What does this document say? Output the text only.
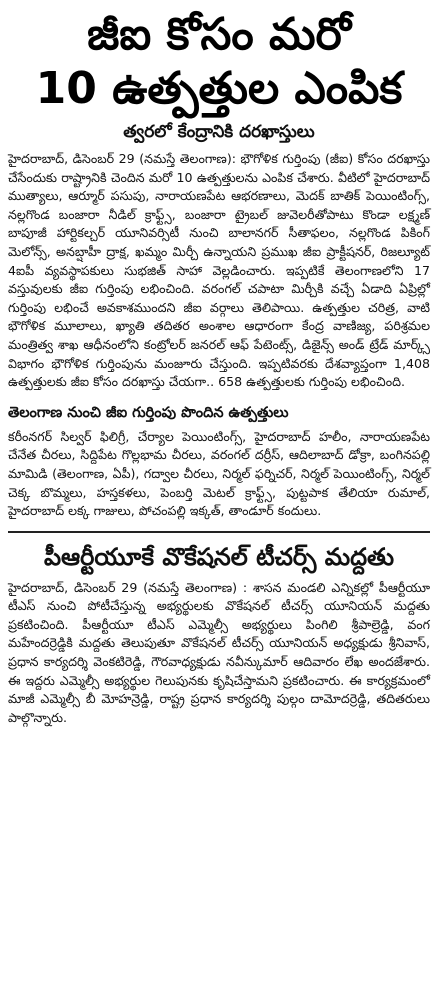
జీఐ కోసం మరో
10 ఉత్పత్తుల ఎంపిక
త్వరలో కేంద్రానికి దరఖాస్తులు

హైదరాబాద్, డిసెంబర్ 29 (నమస్తే తెలంగాణ): భౌగోళిక గుర్తింపు (జీఐ) కోసం దరఖాస్తు చేసేందుకు రాష్ట్రానికి చెందిన మరో 10 ఉత్పత్తులను ఎంపిక చేశారు. వీటిలో హైదరాబాద్ ముత్యాలు, ఆర్మూర్ పసుపు, నారాయణపేట ఆభరణాలు, మెదక్ బాతిక్ పెయింటింగ్స్, నల్లగొండ బంజారా నీడిల్ క్రాఫ్ట్స్, బంజారా ట్రైబల్ జువెలరీతోపాటు కొండా లక్ష్మణ్ బాపూజీ హార్టికల్చర్ యూనివర్సిటీ నుంచి బాలానగర్ సీతాఫలం, నల్లగొండ పికింగ్ మెలోన్స్, అనబ్షాహీ ద్రాక్ష, ఖమ్మం మిర్చీ ఉన్నాయని ప్రముఖ జీఐ ప్రాక్టీషనర్, రిజల్యూట్ 4ఐపీ వ్యవస్థాపకులు సుభజిత్ సాహా వెల్లడించారు. ఇప్పటికే తెలంగాణలోని 17 వస్తువులకు జీఐ గుర్తింపు లభించింది. వరంగల్ చపాటా మిర్చీకి వచ్చే ఏడాది ఏప్రిల్లో గుర్తింపు లభించే అవకాశముందని జీఐ వర్గాలు తెలిపాయి. ఉత్పత్తుల చరిత్ర, వాటి భౌగోళిక మూలాలు, ఖ్యాతి తదితర అంశాల ఆధారంగా కేంద్ర వాణిజ్య, పరిశ్రమల మంత్రిత్వ శాఖ ఆధీనంలోని కంట్రోలర్ జనరల్ ఆఫ్ పేటెంట్స్, డిజైన్స్ అండ్ ట్రేడ్ మార్క్స్ విభాగం భౌగోళిక గుర్తింపును మంజూరు చేస్తుంది. ఇప్పటివరకు దేశవ్యాప్తంగా 1,408 ఉత్పత్తులకు జీఐ కోసం దరఖాస్తు చేయగా.. 658 ఉత్పత్తులకు గుర్తింపు లభించింది.

తెలంగాణ నుంచి జీఐ గుర్తింపు పొందిన ఉత్పత్తులు

కరీంనగర్ సిల్వర్ ఫిలిగ్రీ, చేర్యాల పెయింటింగ్స్, హైదరాబాద్ హలీం, నారాయణపేట చేనేత చీరలు, సిద్దిపేట గొల్లభామ చీరలు, వరంగల్ దర్రీస్, ఆదిలాబాద్ డోక్రా, బంగినపల్లి మామిడి (తెలంగాణ, ఏపీ), గద్వాల చీరలు, నిర్మల్ ఫర్నిచర్, నిర్మల్ పెయింటింగ్స్, నిర్మల్ చెక్క బొమ్మలు, హస్తకళలు, పెంబర్తి మెటల్ క్రాఫ్ట్స్, పుట్టపాక తేలియా రుమాల్, హైదరాబాద్ లక్క గాజులు, పోచంపల్లి ఇక్కత్, తాండూర్ కందులు.

పీఆర్టీయూకే వొకేషనల్ టీచర్స్ మద్దతు

హైదరాబాద్, డిసెంబర్ 29 (నమస్తే తెలంగాణ) : శాసన మండలి ఎన్నికల్లో పీఆర్టీయూ టీఎస్ నుంచి పోటీచేస్తున్న అభ్యర్థులకు వొకేషనల్ టీచర్స్ యూనియన్ మద్దతు ప్రకటించింది. పీఆర్టీయూ టీఎస్ ఎమ్మెల్సీ అభ్యర్థులు పింగిలి శ్రీపాల్రెడ్డి, వంగ మహేందర్రెడ్డికి మద్దతు తెలుపుతూ వొకేషనల్ టీచర్స్ యూనియన్ అధ్యక్షుడు శ్రీనివాస్, ప్రధాన కార్యదర్శి వెంకటిరెడ్డి, గౌరవాధ్యక్షుడు నవీన్కుమార్ ఆదివారం లేఖ అందజేశారు. ఈ ఇద్దరు ఎమ్మెల్సీ అభ్యర్థుల గెలుపునకు కృషిచేస్తామని ప్రకటించారు. ఈ కార్యక్రమంలో మాజీ ఎమ్మెల్సీ బీ మోహన్రెడ్డి, రాష్ట్ర ప్రధాన కార్యదర్శి పుల్గం దామోదర్రెడ్డి, తదితరులు పాల్గొన్నారు.
